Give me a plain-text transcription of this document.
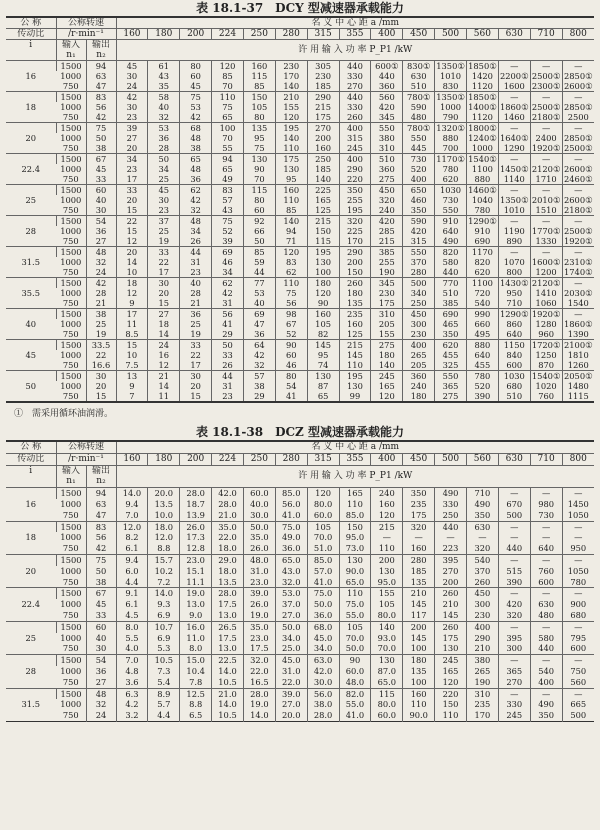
表 18.1-37　DCY 型减速器承载能力
公 称	公称转速		名 义 中 心 距 a /mm														
传动比	/r·min⁻¹		160	180	200	224	250	280	315	355	400	450	500	560	630	710	800
i	输入	输出	许 用 输 入 功 率 P_P1 /kW														
	n₁	n₂															
16	1500	94	45	61	80	120	160	230	305	440	600①	830①	1350①	1850①	—	—	—
	1000	63	30	43	60	85	115	170	230	330	440	630	1010	1420	2200①	2500①	2850①
	750	47	24	35	45	70	85	140	185	270	360	510	830	1120	1600	2300①	2600①
18	1500	83	42	58	75	110	150	210	290	440	560	780①	1350①	1850①	—	—	—
	1000	56	30	40	53	75	105	155	215	330	420	590	1000	1400①	1860①	2500①	2850①
	750	42	23	32	42	65	80	120	175	260	345	480	790	1120	1460	2180①	2500
20	1500	75	39	53	68	100	135	195	270	400	550	780①	1320①	1800①	—	—	—
	1000	50	27	36	48	70	95	140	200	315	380	550	880	1240①	1640①	2400	2850①
	750	38	20	28	38	55	75	110	160	245	310	445	700	1000	1290	1920①	2500①
22.4	1500	67	34	50	65	94	130	175	250	400	510	730	1170①	1540①	—	—	—
	1000	45	23	34	48	65	90	130	185	290	360	520	780	1100	1450①	2120①	2600①
	750	33	17	25	36	49	70	95	140	220	275	400	620	880	1140	1710	2460①
25	1500	60	33	45	62	83	115	160	225	350	450	650	1030	1460①	—	—	—
	1000	40	20	30	42	57	80	110	165	255	320	460	730	1040	1350①	2010①	2600①
	750	30	15	23	32	43	60	85	125	195	240	350	550	780	1010	1510	2180①
28	1500	54	22	37	48	75	92	140	215	320	420	590	910	1290①	—	—	—
	1000	36	15	25	34	52	66	94	150	225	285	420	640	910	1190	1770①	2500①
	750	27	12	19	26	39	50	71	115	170	215	315	490	690	890	1330	1920①
31.5	1500	48	20	33	44	69	85	120	195	290	385	550	820	1170	—	—	—
	1000	32	14	22	31	46	59	83	130	200	255	370	580	820	1070	1600①	2310①
	750	24	10	17	23	34	44	62	100	150	190	280	440	620	800	1200	1740①
35.5	1500	42	18	30	40	62	77	110	180	260	345	500	770	1100	1430①	2120①	—
	1000	28	12	20	28	42	53	75	120	180	230	340	510	720	950	1410	2030①
	750	21	9	15	21	31	40	56	90	135	175	250	385	540	710	1060	1540
40	1500	38	17	27	36	56	69	98	160	235	310	450	690	990	1290①	1920①	—
	1000	25	11	18	25	41	47	67	105	160	205	300	465	660	860	1280	1860①
	750	19	8.5	14	19	29	36	52	82	125	155	230	350	495	640	960	1390
45	1500	33.5	15	24	33	50	64	90	145	215	275	400	620	880	1150	1720①	2100①
	1000	22	10	16	22	33	42	60	95	145	180	265	455	640	840	1250	1810
	750	16.6	7.5	12	17	26	32	46	74	110	140	205	325	455	600	870	1260
50	1500	30	13	21	30	44	57	80	130	195	245	360	550	780	1030	1540①	2050①
	1000	20	9	14	20	31	38	54	87	130	165	240	365	520	680	1020	1480
	750	15	7	11	15	23	29	41	65	99	120	180	275	390	510	760	1115
①　需采用循环油润滑。
表 18.1-38　DCZ 型减速器承载能力
公 称	公称转速		名 义 中 心 距 a /mm														
传动比	/r·min⁻¹		160	180	200	224	250	280	315	355	400	450	500	560	630	710	800
i	输入	输出	许 用 输 入 功 率 P_P1 /kW														
	n₁	n₂															
16	1500	94	14.0	20.0	28.0	42.0	60.0	85.0	120	165	240	350	490	710	—	—	—
	1000	63	9.4	13.5	18.7	28.0	40.0	56.0	80.0	110	160	235	330	490	670	980	1450
	750	47	7.0	10.0	13.9	21.0	30.0	41.0	60.0	85.0	120	175	250	350	500	730	1050
18	1500	83	12.0	18.0	26.0	35.0	50.0	75.0	105	150	215	320	440	630	—	—	—
	1000	56	8.2	12.0	17.3	22.0	35.0	49.0	70.0	95.0	—	—	—	—	—	—	—
	750	42	6.1	8.8	12.8	18.0	26.0	36.0	51.0	73.0	110	160	223	320	440	640	950
20	1500	75	9.4	15.7	23.0	29.0	48.0	65.0	85.0	130	200	280	395	540	—	—	—
	1000	50	6.0	10.2	15.1	18.0	31.0	43.0	57.0	90.0	130	185	270	370	515	760	1050
	750	38	4.4	7.2	11.1	13.5	23.0	32.0	41.0	65.0	95.0	135	200	260	390	600	780
22.4	1500	67	9.1	14.0	19.0	28.0	39.0	53.0	75.0	110	155	210	260	450	—	—	—
	1000	45	6.1	9.3	13.0	17.5	26.0	37.0	50.0	75.0	105	145	210	300	420	630	900
	750	33	4.5	6.9	9.0	13.0	19.0	27.0	36.0	55.0	80.0	117	145	230	320	480	680
25	1500	60	8.0	10.7	16.0	26.5	35.0	50.0	68.0	105	140	200	260	400	—	—	—
	1000	40	5.5	6.9	11.0	17.5	23.0	34.0	45.0	70.0	93.0	145	175	290	395	580	795
	750	30	4.0	5.3	8.0	13.0	17.5	25.0	34.0	50.0	70.0	100	130	210	300	440	600
28	1500	54	7.0	10.5	15.0	22.5	32.0	45.0	63.0	90	130	180	245	380	—	—	—
	1000	36	4.8	7.3	10.4	14.0	22.0	31.0	42.0	60.0	87.0	135	165	265	365	540	750
	750	27	3.6	5.4	7.8	10.5	16.5	22.0	30.0	48.0	65.0	100	120	190	270	400	560
31.5	1500	48	6.3	8.9	12.5	21.0	28.0	39.0	56.0	82.0	115	160	220	310	—	—	—
	1000	32	4.2	5.7	8.8	14.0	19.0	27.0	38.0	55.0	80.0	110	150	235	330	490	665
	750	24	3.2	4.4	6.5	10.5	14.0	20.0	28.0	41.0	60.0	90.0	110	170	245	350	500
